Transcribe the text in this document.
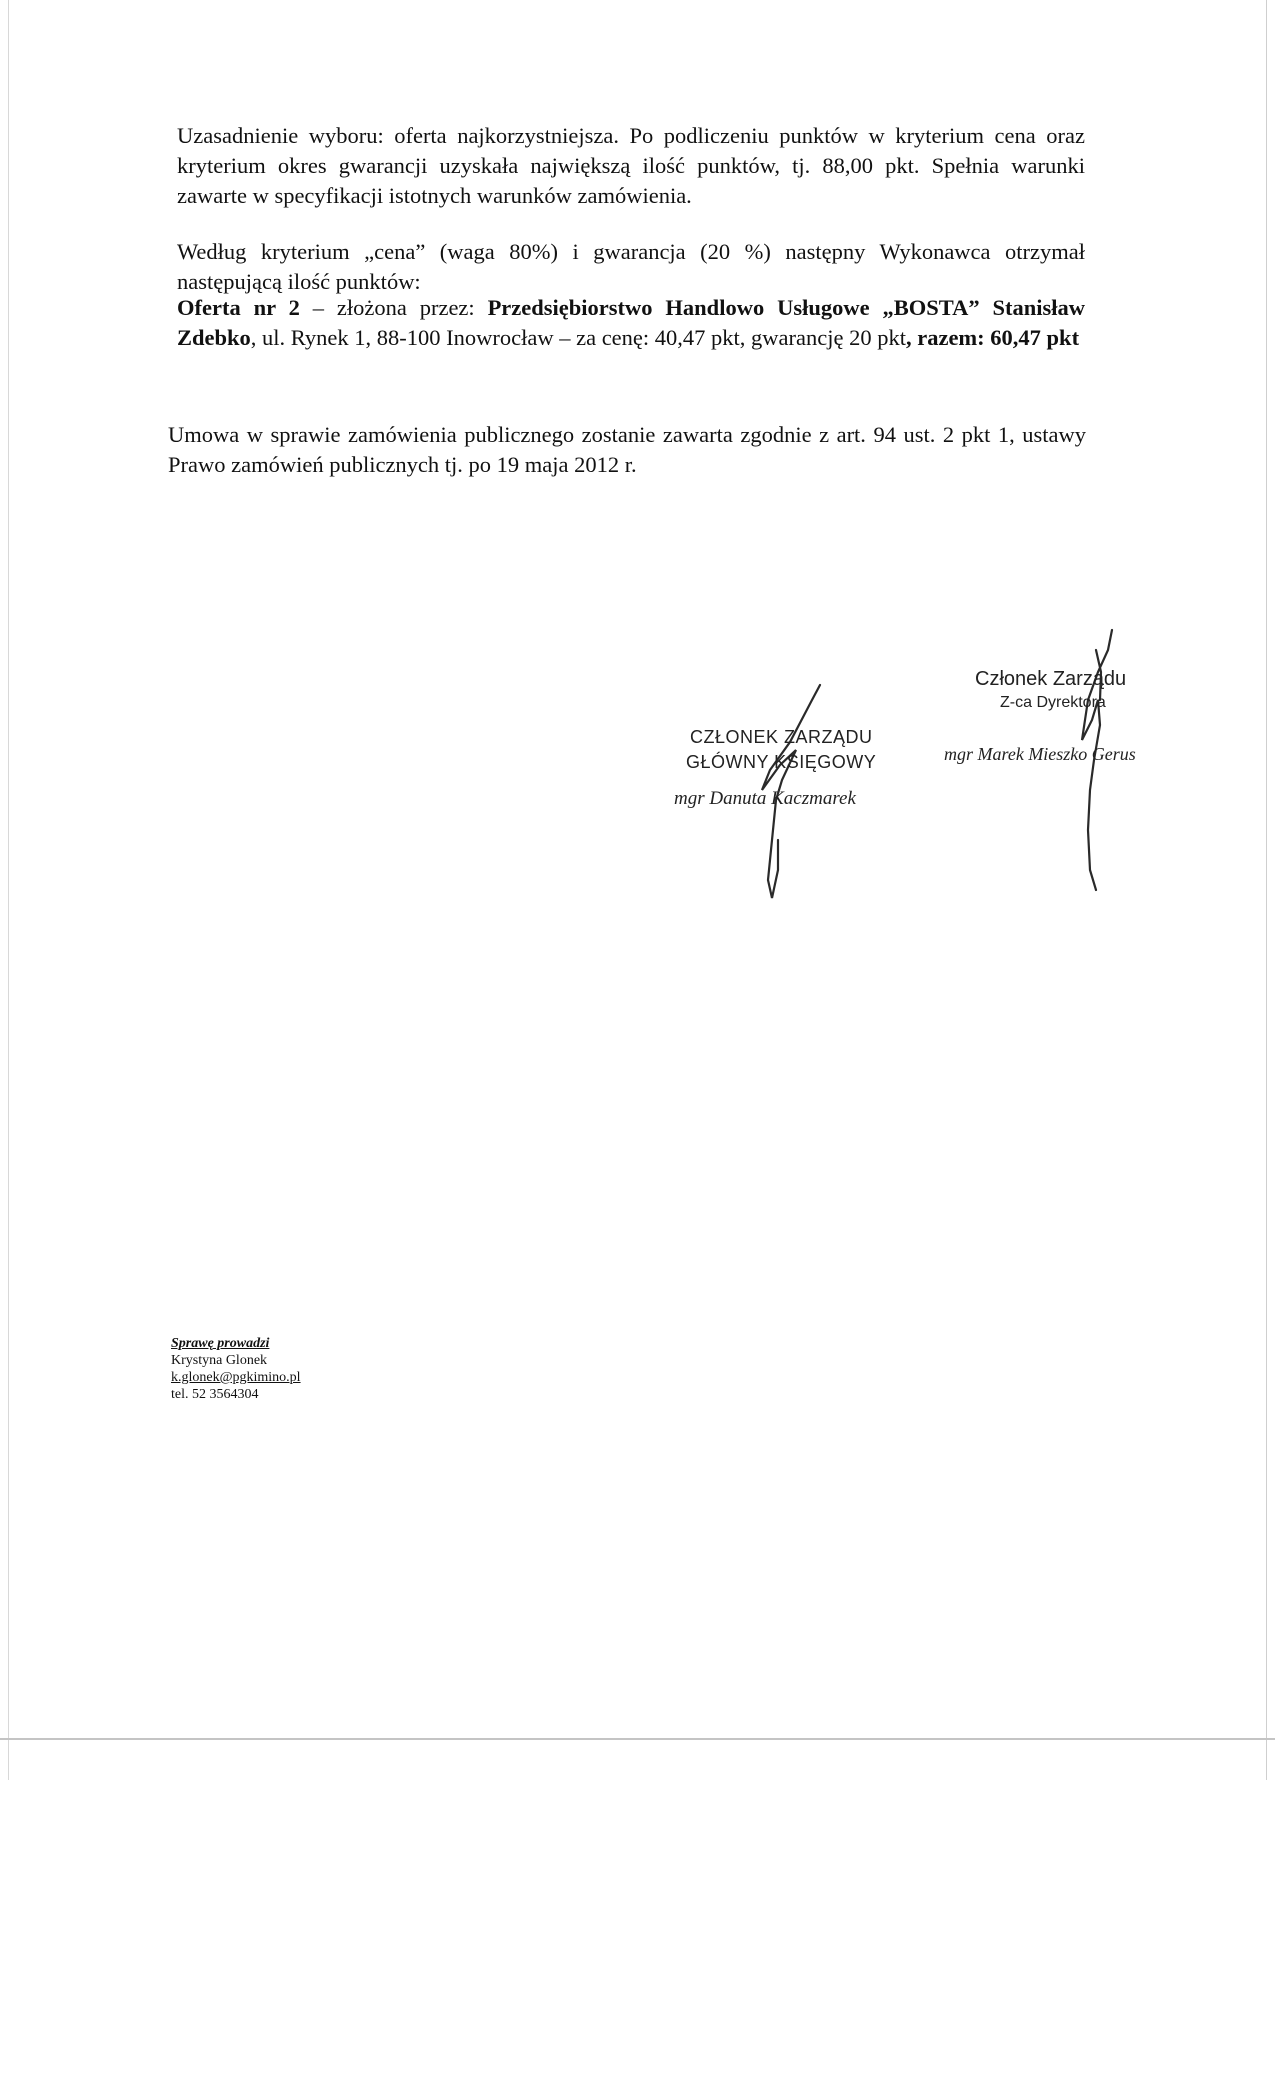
Uzasadnienie wyboru: oferta najkorzystniejsza. Po podliczeniu punktów w kryterium cena oraz kryterium okres gwarancji uzyskała największą ilość punktów, tj. 88,00 pkt. Spełnia warunki zawarte w specyfikacji istotnych warunków zamówienia.

Według kryterium „cena” (waga 80%) i gwarancja (20 %) następny Wykonawca otrzymał następującą ilość punktów:

Oferta nr 2 – złożona przez: Przedsiębiorstwo Handlowo Usługowe „BOSTA” Stanisław Zdebko, ul. Rynek 1, 88-100 Inowrocław – za cenę: 40,47 pkt, gwarancję 20 pkt, razem: 60,47 pkt

Umowa w sprawie zamówienia publicznego zostanie zawarta zgodnie z art. 94 ust. 2 pkt 1, ustawy Prawo zamówień publicznych tj. po 19 maja 2012 r.

CZŁONEK ZARZĄDU
GŁÓWNY KSIĘGOWY
mgr Danuta Kaczmarek
Członek Zarządu
Z-ca Dyrektora
mgr Marek Mieszko Gerus
Sprawę prowadzi
Krystyna Glonek
k.glonek@pgkimino.pl
tel. 52 3564304
